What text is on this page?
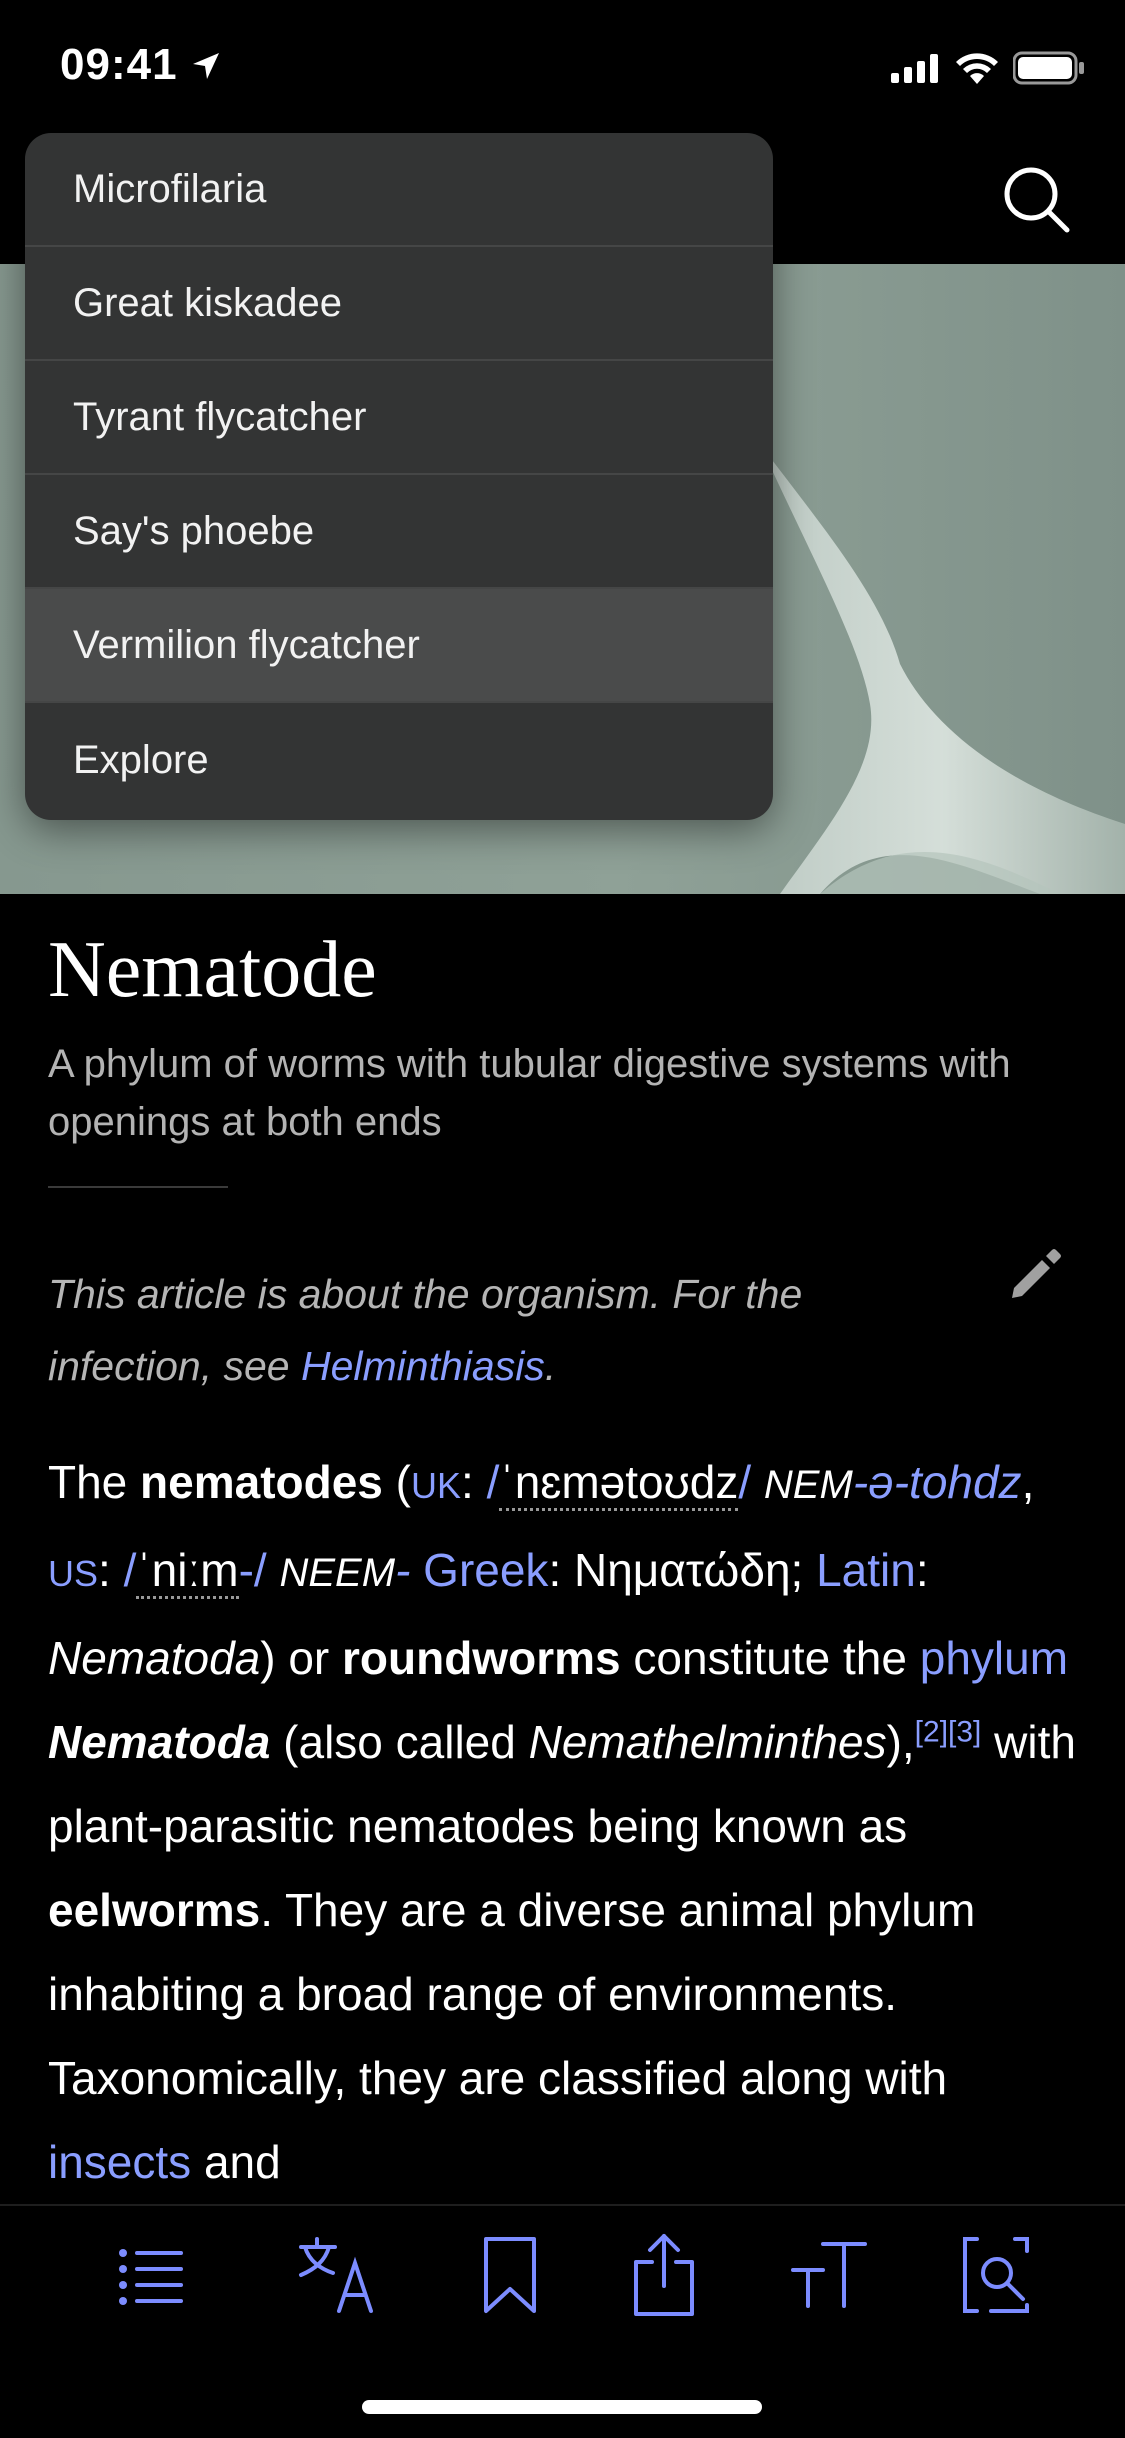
09:41
Microfilaria
Great kiskadee
Tyrant flycatcher
Say's phoebe
Vermilion flycatcher
Explore
Nematode
A phylum of worms with tubular digestive systems with openings at both ends
This article is about the organism. For the infection, see Helminthiasis.
The nematodes (UK: /ˈnɛmətoʊdz/ NEM-ə-tohdz, US: /ˈniːm-/ NEEM- Greek: Νηματώδη; Latin: Nematoda) or roundworms constitute the phylum Nematoda (also called Nemathelminthes),[2][3] with plant-parasitic nematodes being known as eelworms. They are a diverse animal phylum inhabiting a broad range of environments. Taxonomically, they are classified along with insects and
